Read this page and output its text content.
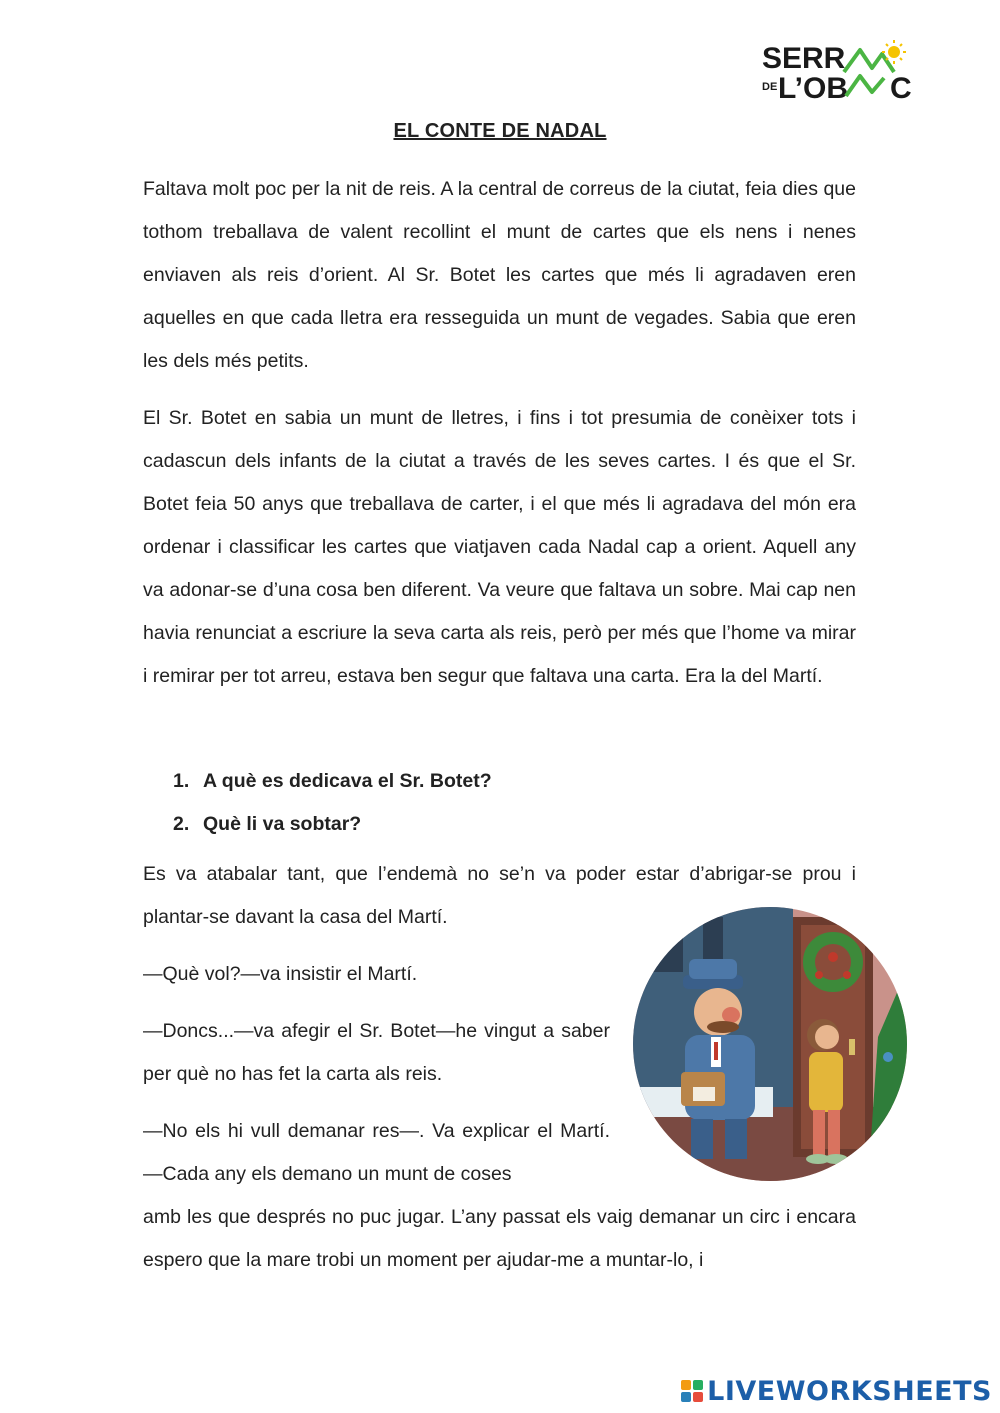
SERR
DE L’OB C
EL CONTE DE NADAL

Faltava molt poc per la nit de reis. A la central de correus de la ciutat, feia dies que tothom treballava de valent recollint el munt de cartes que els nens i nenes enviaven als reis d’orient. Al Sr. Botet les cartes que més li agradaven eren aquelles en que cada lletra era resseguida un munt de vegades. Sabia que eren les dels més petits.

El Sr. Botet en sabia un munt de lletres, i fins i tot presumia de conèixer tots i cadascun dels infants de la ciutat a través de les seves cartes. I és que el Sr. Botet feia 50 anys que treballava de carter, i el que més li agradava del món era ordenar i classificar les cartes que viatjaven cada Nadal cap a orient. Aquell any va adonar-se d’una cosa ben diferent. Va veure que faltava un sobre. Mai cap nen havia renunciat a escriure la seva carta als reis, però per més que l’home va mirar i remirar per tot arreu, estava ben segur que faltava una carta. Era la del Martí.

1. A què es dedicava el Sr. Botet?
2. Què li va sobtar?

Es va atabalar tant, que l’endemà no se’n va poder estar d’abrigar-se prou i plantar-se davant la casa del Martí.

—Què vol?—va insistir el Martí.

—Doncs...—va afegir el Sr. Botet—he vingut a saber per què no has fet la carta als reis.

—No els hi vull demanar res—. Va explicar el Martí. —Cada any els demano un munt de coses

amb les que després no puc jugar. L’any passat els vaig demanar un circ i encara espero que la mare trobi un moment per ajudar-me a muntar-lo, i

LIVEWORKSHEETS
